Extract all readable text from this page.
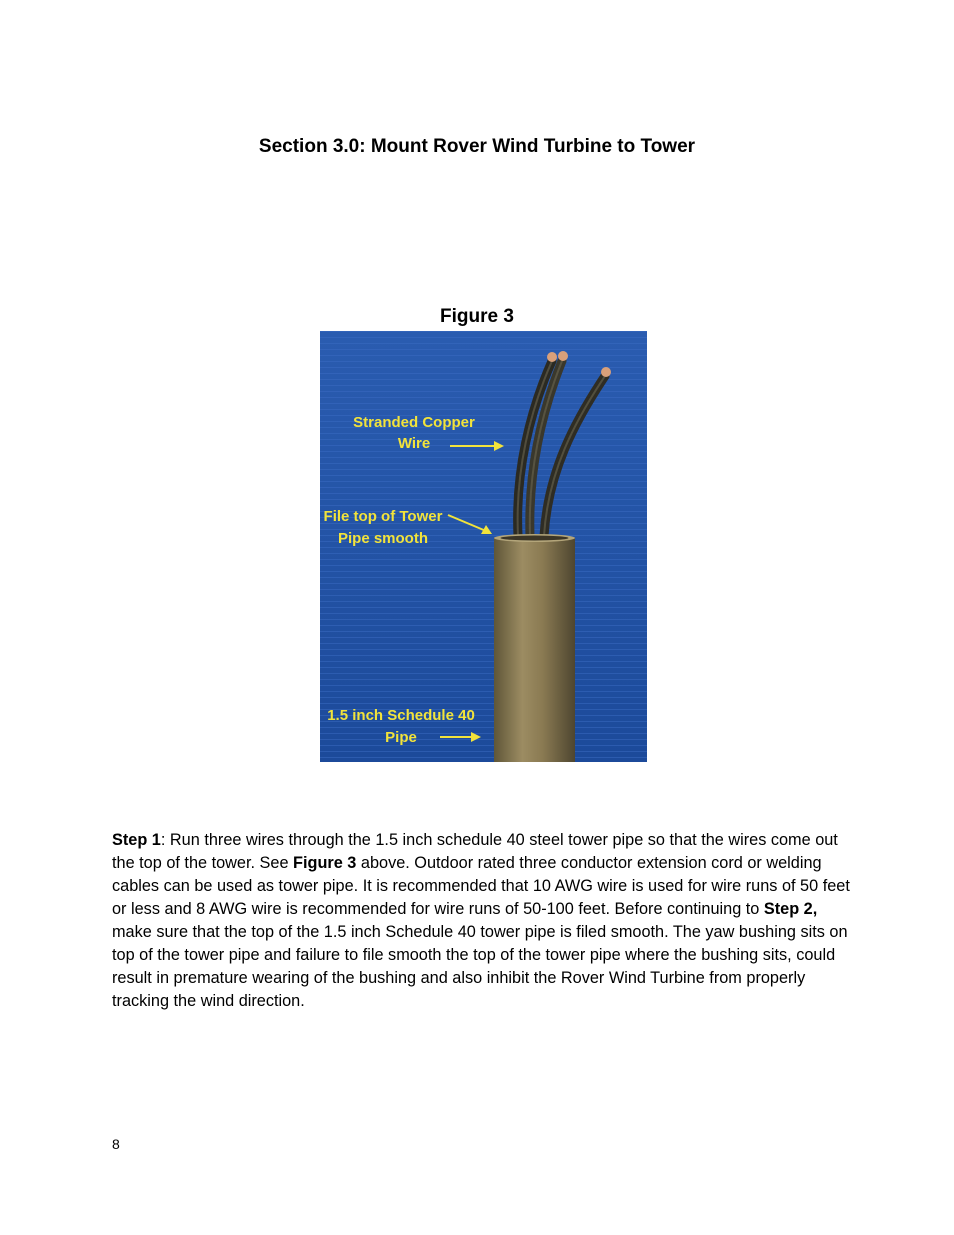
Section 3.0: Mount Rover Wind Turbine to Tower
Figure 3
Stranded Copper
Wire
File top of Tower
Pipe smooth
1.5 inch Schedule 40
Pipe
Step 1: Run three wires through the 1.5 inch schedule 40 steel tower pipe so that the wires come out the top of the tower. See Figure 3 above. Outdoor rated three conductor extension cord or welding cables can be used as tower pipe. It is recommended that 10 AWG wire is used for wire runs of 50 feet or less and 8 AWG wire is recommended for wire runs of 50-100 feet. Before continuing to Step 2, make sure that the top of the 1.5 inch Schedule 40 tower pipe is filed smooth. The yaw bushing sits on top of the tower pipe and failure to file smooth the top of the tower pipe where the bushing sits, could result in premature wearing of the bushing and also inhibit the Rover Wind Turbine from properly tracking the wind direction.
8
